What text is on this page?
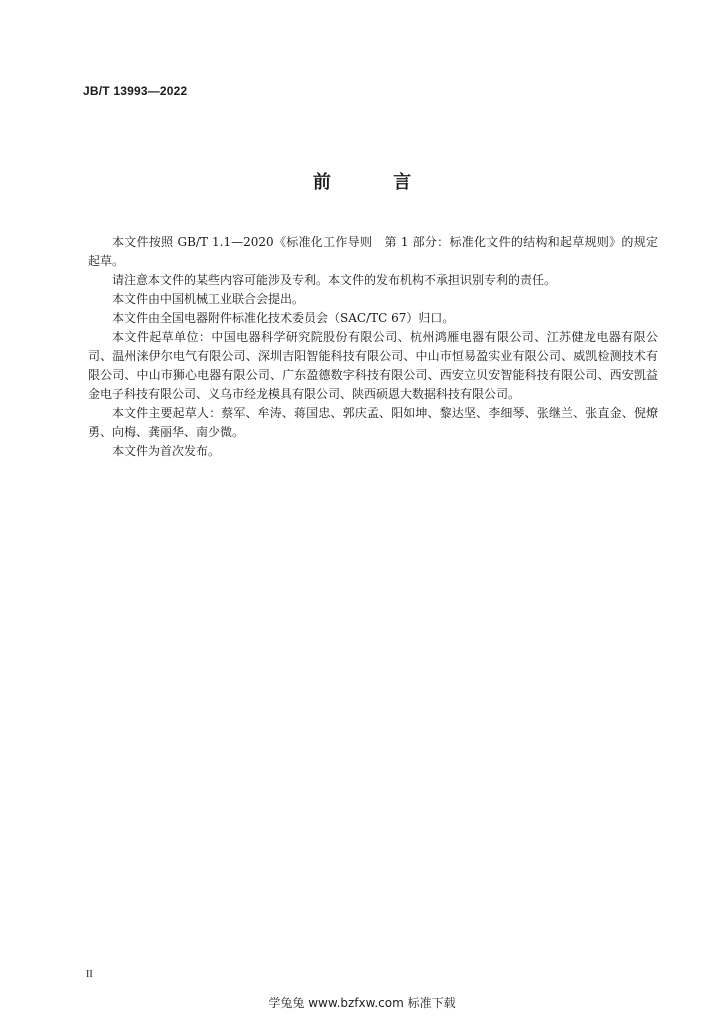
JB/T 13993—2022
前 言

本文件按照 GB/T 1.1—2020《标准化工作导则　第 1 部分：标准化文件的结构和起草规则》的规定起草。

请注意本文件的某些内容可能涉及专利。本文件的发布机构不承担识别专利的责任。

本文件由中国机械工业联合会提出。

本文件由全国电器附件标准化技术委员会（SAC/TC 67）归口。

本文件起草单位：中国电器科学研究院股份有限公司、杭州鸿雁电器有限公司、江苏健龙电器有限公司、温州涞伊尔电气有限公司、深圳吉阳智能科技有限公司、中山市恒易盈实业有限公司、威凯检测技术有限公司、中山市狮心电器有限公司、广东盈德数字科技有限公司、西安立贝安智能科技有限公司、西安凯益金电子科技有限公司、义乌市经龙模具有限公司、陕西硕恩大数据科技有限公司。

本文件主要起草人：蔡军、牟涛、蒋国忠、郭庆孟、阳如坤、黎达坚、李细琴、张继兰、张直金、倪燎勇、向梅、龚丽华、南少微。

本文件为首次发布。

II
学兔兔 www.bzfxw.com 标准下载
